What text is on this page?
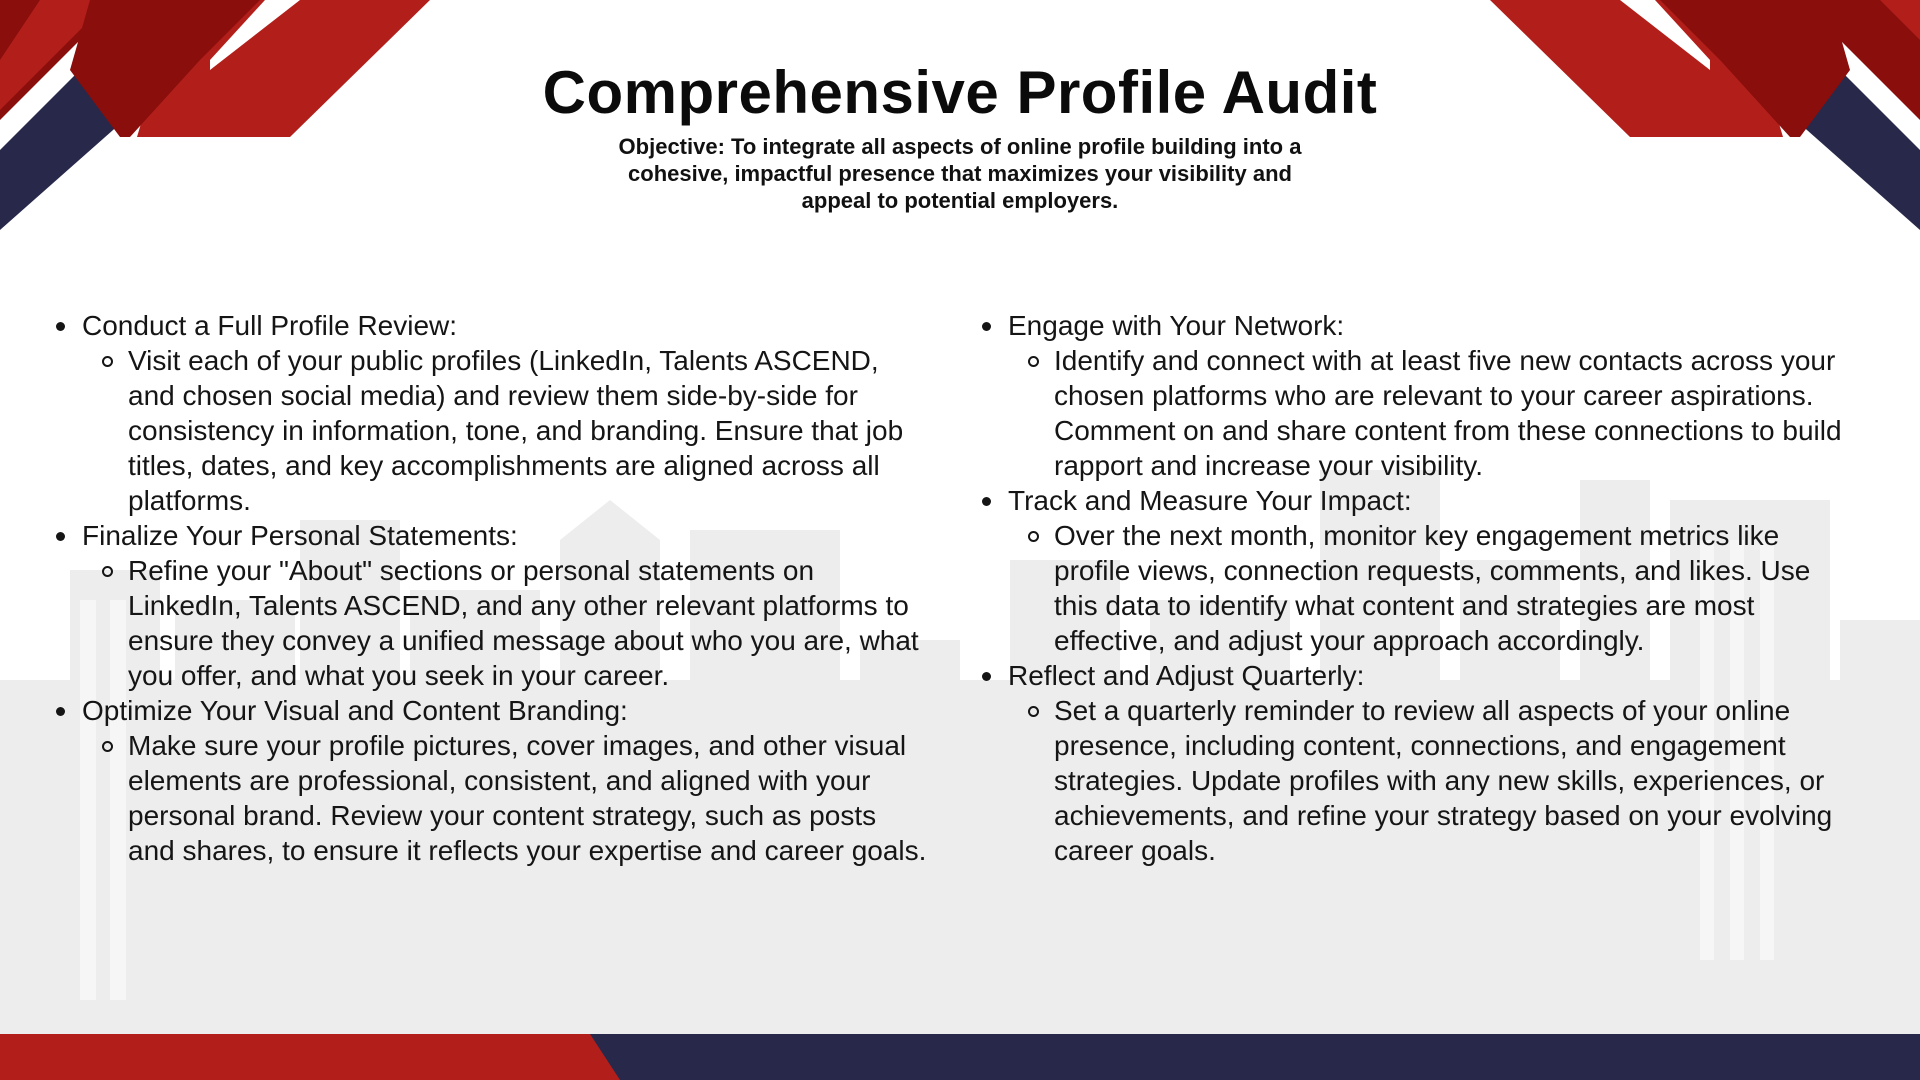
Comprehensive Profile Audit

Objective: To integrate all aspects of online profile building into a cohesive, impactful presence that maximizes your visibility and appeal to potential employers.

Conduct a Full Profile Review:
Visit each of your public profiles (LinkedIn, Talents ASCEND, and chosen social media) and review them side-by-side for consistency in information, tone, and branding. Ensure that job titles, dates, and key accomplishments are aligned across all platforms.
Finalize Your Personal Statements:
Refine your "About" sections or personal statements on LinkedIn, Talents ASCEND, and any other relevant platforms to ensure they convey a unified message about who you are, what you offer, and what you seek in your career.
Optimize Your Visual and Content Branding:
Make sure your profile pictures, cover images, and other visual elements are professional, consistent, and aligned with your personal brand. Review your content strategy, such as posts and shares, to ensure it reflects your expertise and career goals.
Engage with Your Network:
Identify and connect with at least five new contacts across your chosen platforms who are relevant to your career aspirations. Comment on and share content from these connections to build rapport and increase your visibility.
Track and Measure Your Impact:
Over the next month, monitor key engagement metrics like profile views, connection requests, comments, and likes. Use this data to identify what content and strategies are most effective, and adjust your approach accordingly.
Reflect and Adjust Quarterly:
Set a quarterly reminder to review all aspects of your online presence, including content, connections, and engagement strategies. Update profiles with any new skills, experiences, or achievements, and refine your strategy based on your evolving career goals.
